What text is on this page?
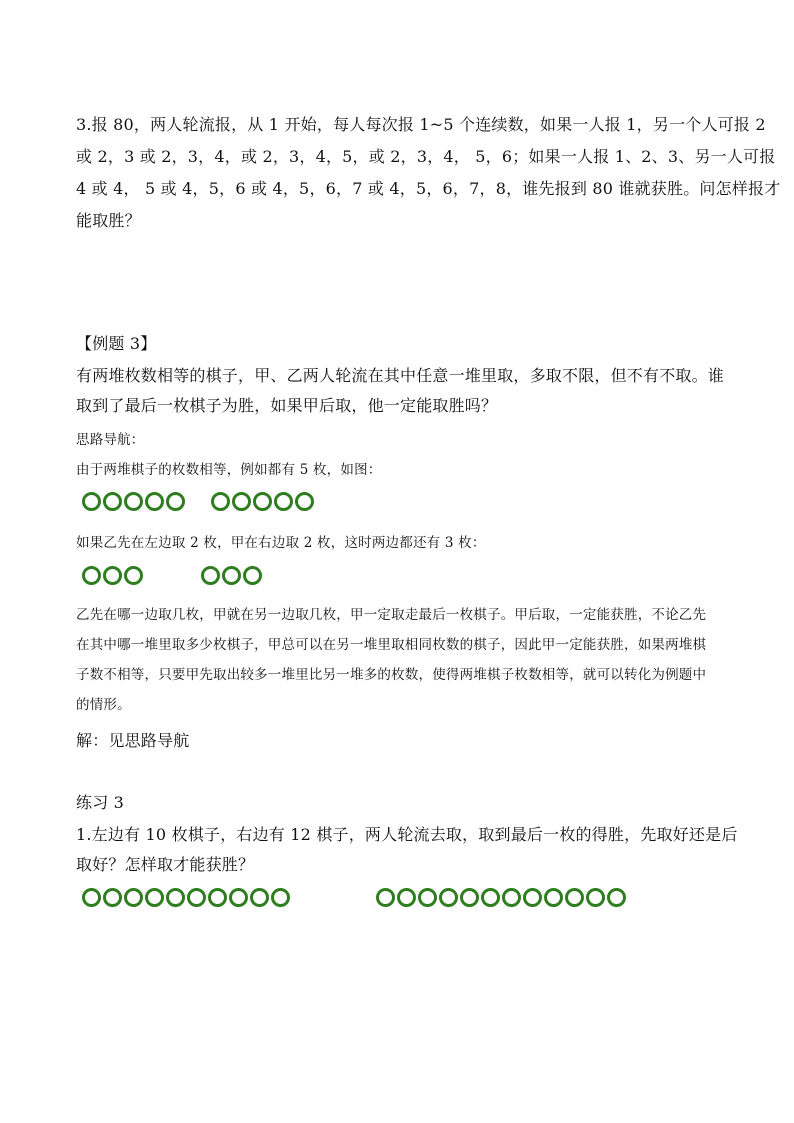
3.报 80，两人轮流报，从 1 开始，每人每次报 1~5 个连续数，如果一人报 1，另一个人可报 2
或 2，3 或 2，3，4，或 2，3，4，5，或 2，3，4， 5，6；如果一人报 1、2、3、另一人可报
4 或 4， 5 或 4，5，6 或 4，5，6，7 或 4，5，6，7，8，谁先报到 80 谁就获胜。问怎样报才
能取胜？
【例题 3】
有两堆枚数相等的棋子，甲、乙两人轮流在其中任意一堆里取，多取不限，但不有不取。谁
取到了最后一枚棋子为胜，如果甲后取，他一定能取胜吗？
思路导航：
由于两堆棋子的枚数相等，例如都有 5 枚，如图：
如果乙先在左边取 2 枚，甲在右边取 2 枚，这时两边都还有 3 枚：
乙先在哪一边取几枚，甲就在另一边取几枚，甲一定取走最后一枚棋子。甲后取，一定能获胜，不论乙先
在其中哪一堆里取多少枚棋子，甲总可以在另一堆里取相同枚数的棋子，因此甲一定能获胜，如果两堆棋
子数不相等，只要甲先取出较多一堆里比另一堆多的枚数，使得两堆棋子枚数相等，就可以转化为例题中
的情形。
解：见思路导航
练习 3
1.左边有 10 枚棋子，右边有 12 棋子，两人轮流去取，取到最后一枚的得胜，先取好还是后
取好？怎样取才能获胜？
